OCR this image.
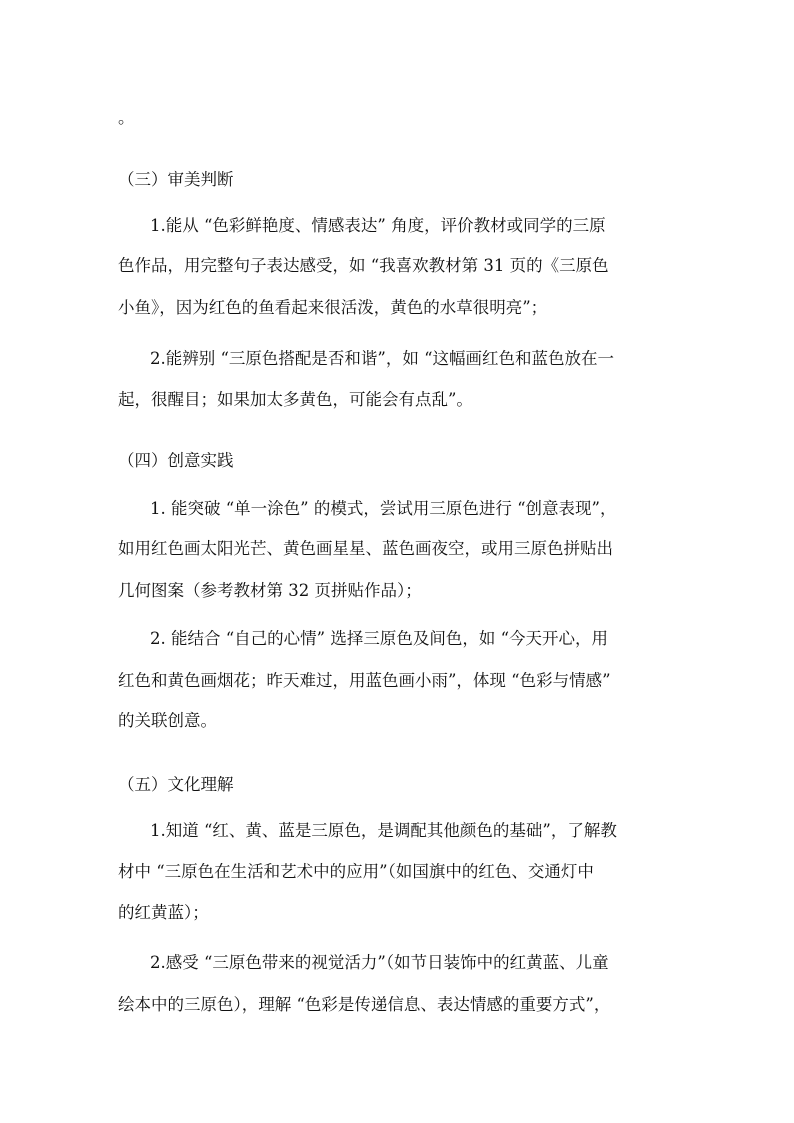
。
（三）审美判断
1.能从 “色彩鲜艳度、情感表达” 角度，评价教材或同学的三原
色作品，用完整句子表达感受，如 “我喜欢教材第 31 页的《三原色
小鱼》，因为红色的鱼看起来很活泼，黄色的水草很明亮”；
2.能辨别 “三原色搭配是否和谐”，如 “这幅画红色和蓝色放在一
起，很醒目；如果加太多黄色，可能会有点乱”。
（四）创意实践
1. 能突破 “单一涂色” 的模式，尝试用三原色进行 “创意表现”，
如用红色画太阳光芒、黄色画星星、蓝色画夜空，或用三原色拼贴出
几何图案（参考教材第 32 页拼贴作品）；
2. 能结合 “自己的心情” 选择三原色及间色，如 “今天开心，用
红色和黄色画烟花；昨天难过，用蓝色画小雨”，体现 “色彩与情感”
的关联创意。
（五）文化理解
1.知道 “红、黄、蓝是三原色，是调配其他颜色的基础”，了解教
材中 “三原色在生活和艺术中的应用”（如国旗中的红色、交通灯中
的红黄蓝）；
2.感受 “三原色带来的视觉活力”（如节日装饰中的红黄蓝、儿童
绘本中的三原色），理解 “色彩是传递信息、表达情感的重要方式”，
